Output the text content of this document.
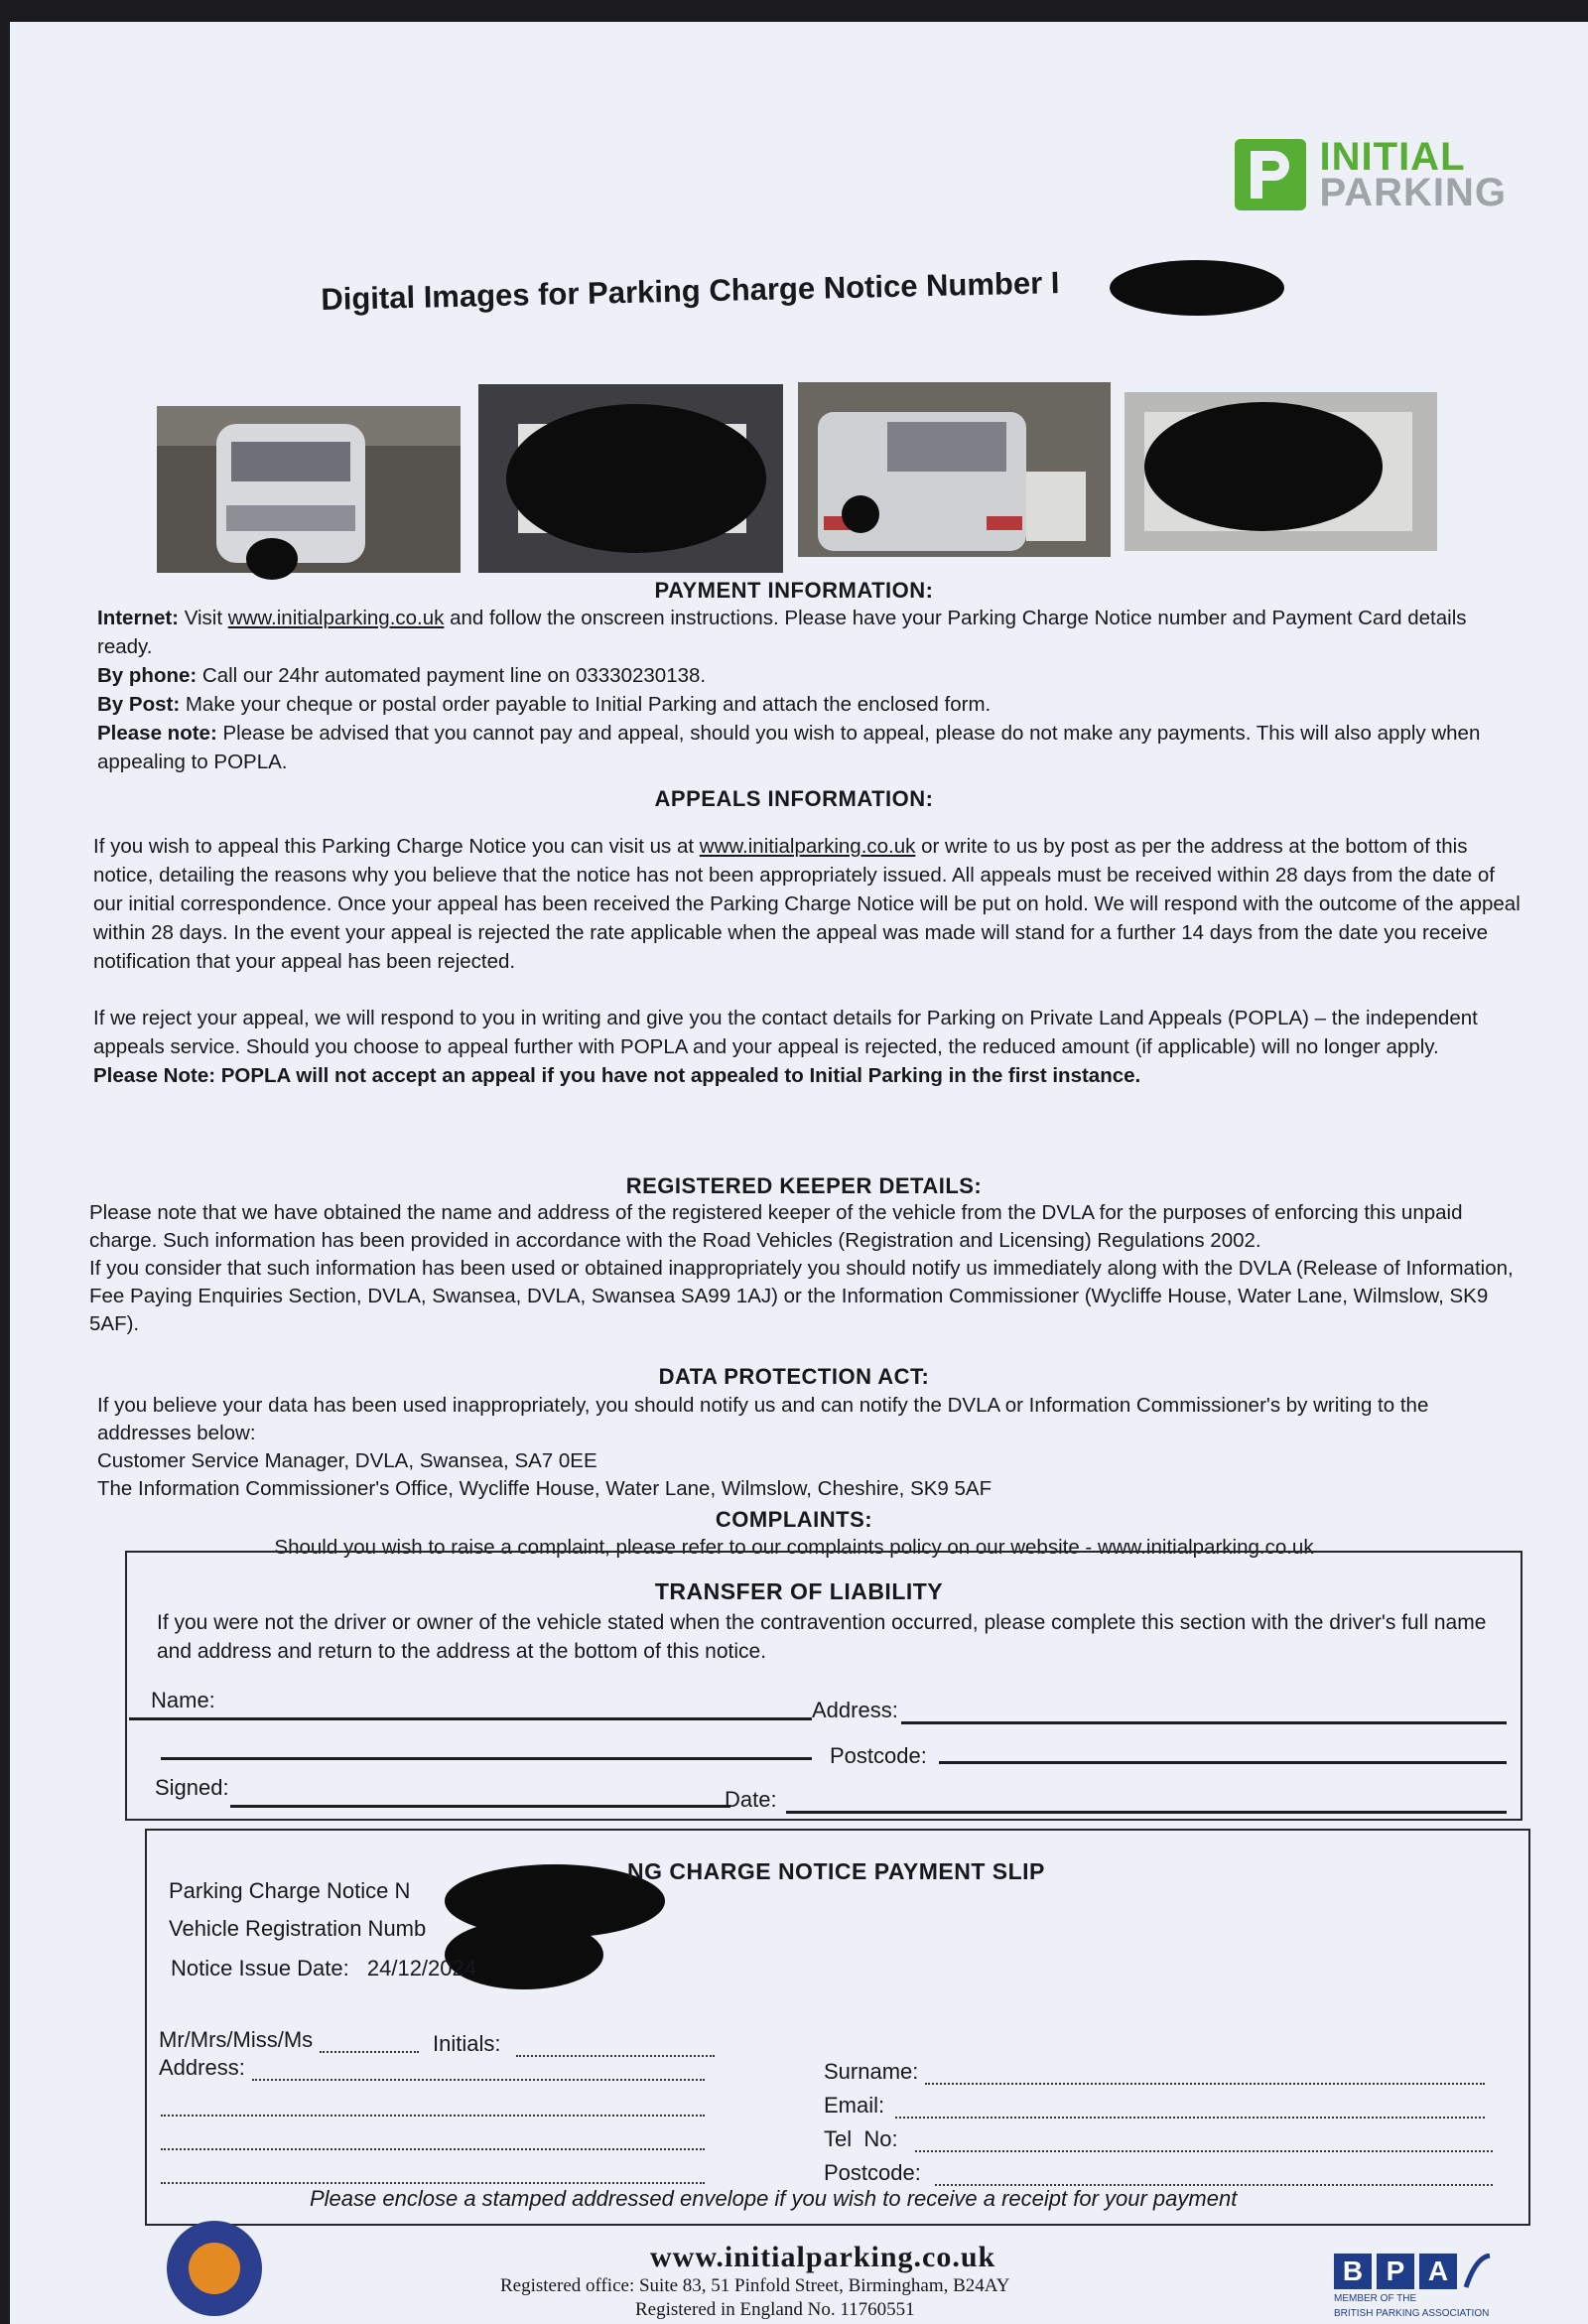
INITIAL
PARKING
Digital Images for Parking Charge Notice Number I
PAYMENT INFORMATION:
Internet: Visit www.initialparking.co.uk and follow the onscreen instructions. Please have your Parking Charge Notice number and Payment Card details ready.
By phone: Call our 24hr automated payment line on 03330230138.
By Post: Make your cheque or postal order payable to Initial Parking and attach the enclosed form.
Please note: Please be advised that you cannot pay and appeal, should you wish to appeal, please do not make any payments. This will also apply when appealing to POPLA.
APPEALS INFORMATION:
If you wish to appeal this Parking Charge Notice you can visit us at www.initialparking.co.uk or write to us by post as per the address at the bottom of this notice, detailing the reasons why you believe that the notice has not been appropriately issued. All appeals must be received within 28 days from the date of our initial correspondence. Once your appeal has been received the Parking Charge Notice will be put on hold. We will respond with the outcome of the appeal within 28 days. In the event your appeal is rejected the rate applicable when the appeal was made will stand for a further 14 days from the date you receive notification that your appeal has been rejected.
If we reject your appeal, we will respond to you in writing and give you the contact details for Parking on Private Land Appeals (POPLA) – the independent appeals service. Should you choose to appeal further with POPLA and your appeal is rejected, the reduced amount (if applicable) will no longer apply.
Please Note: POPLA will not accept an appeal if you have not appealed to Initial Parking in the first instance.
REGISTERED KEEPER DETAILS:
Please note that we have obtained the name and address of the registered keeper of the vehicle from the DVLA for the purposes of enforcing this unpaid charge. Such information has been provided in accordance with the Road Vehicles (Registration and Licensing) Regulations 2002.
If you consider that such information has been used or obtained inappropriately you should notify us immediately along with the DVLA (Release of Information, Fee Paying Enquiries Section, DVLA, Swansea, DVLA, Swansea SA99 1AJ) or the Information Commissioner (Wycliffe House, Water Lane, Wilmslow, SK9 5AF).
DATA PROTECTION ACT:
If you believe your data has been used inappropriately, you should notify us and can notify the DVLA or Information Commissioner's by writing to the addresses below:
Customer Service Manager, DVLA, Swansea, SA7 0EE
The Information Commissioner's Office, Wycliffe House, Water Lane, Wilmslow, Cheshire, SK9 5AF
COMPLAINTS:
Should you wish to raise a complaint, please refer to our complaints policy on our website - www.initialparking.co.uk
TRANSFER OF LIABILITY
If you were not the driver or owner of the vehicle stated when the contravention occurred, please complete this section with the driver's full name and address and return to the address at the bottom of this notice.
Name:	Address:
Postcode:
Signed:	Date:
NG CHARGE NOTICE PAYMENT SLIP
Parking Charge Notice N
Vehicle Registration Numb
Notice Issue Date: 24/12/2024
Mr/Mrs/Miss/Ms	Initials:
Address:	Surname:
Email:
Tel  No:
Postcode:
Please enclose a stamped addressed envelope if you wish to receive a receipt for your payment
www.initialparking.co.uk
Registered office: Suite 83, 51 Pinfold Street, Birmingham, B24AY
Registered in England No. 11760551
B P A
MEMBER OF THE
BRITISH PARKING ASSOCIATION
